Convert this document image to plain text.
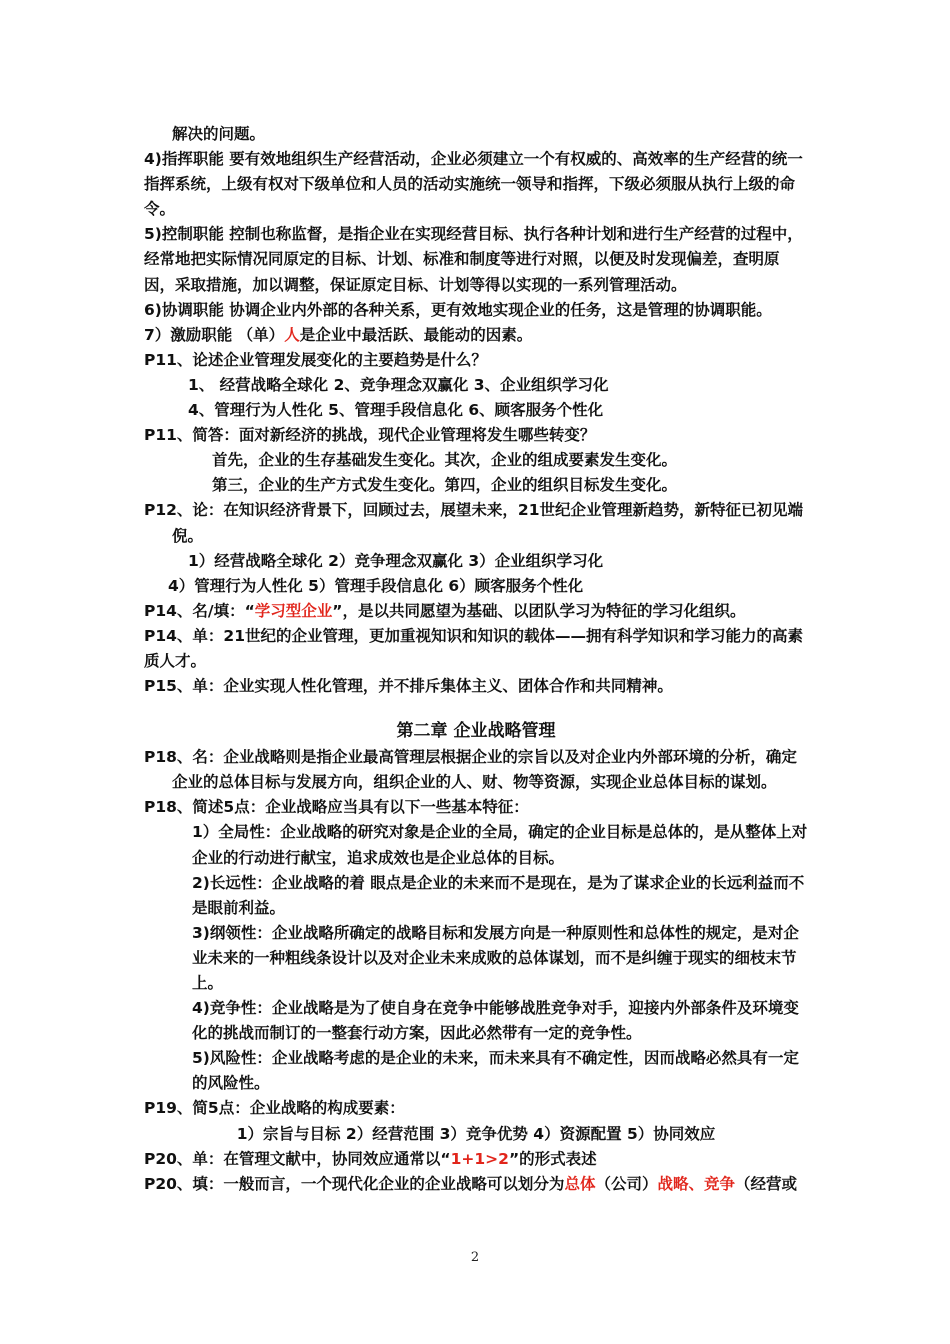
解决的问题。

4)指挥职能 要有效地组织生产经营活动，企业必须建立一个有权威的、高效率的生产经营的统一指挥系统，上级有权对下级单位和人员的活动实施统一领导和指挥，下级必须服从执行上级的命令。

5)控制职能 控制也称监督，是指企业在实现经营目标、执行各种计划和进行生产经营的过程中，经常地把实际情况同原定的目标、计划、标准和制度等进行对照，以便及时发现偏差，查明原因，采取措施，加以调整，保证原定目标、计划等得以实现的一系列管理活动。

6)协调职能 协调企业内外部的各种关系，更有效地实现企业的任务，这是管理的协调职能。

7）激励职能 （单）人是企业中最活跃、最能动的因素。

P11、论述企业管理发展变化的主要趋势是什么？

1、 经营战略全球化 2、竞争理念双赢化 3、企业组织学习化

4、管理行为人性化 5、管理手段信息化 6、顾客服务个性化

P11、简答：面对新经济的挑战，现代企业管理将发生哪些转变？

首先，企业的生存基础发生变化。其次，企业的组成要素发生变化。

第三，企业的生产方式发生变化。第四，企业的组织目标发生变化。

P12、论：在知识经济背景下，回顾过去，展望未来，21世纪企业管理新趋势，新特征已初见端倪。

1）经营战略全球化 2）竞争理念双赢化 3）企业组织学习化

4）管理行为人性化 5）管理手段信息化 6）顾客服务个性化

P14、名/填：“学习型企业”，是以共同愿望为基础、以团队学习为特征的学习化组织。

P14、单：21世纪的企业管理，更加重视知识和知识的载体——拥有科学知识和学习能力的高素质人才。

P15、单：企业实现人性化管理，并不排斥集体主义、团体合作和共同精神。

第二章 企业战略管理

P18、名：企业战略则是指企业最高管理层根据企业的宗旨以及对企业内外部环境的分析，确定企业的总体目标与发展方向，组织企业的人、财、物等资源，实现企业总体目标的谋划。

P18、简述5点：企业战略应当具有以下一些基本特征：

1）全局性：企业战略的研究对象是企业的全局，确定的企业目标是总体的，是从整体上对企业的行动进行献宝，追求成效也是企业总体的目标。

2)长远性：企业战略的着 眼点是企业的未来而不是现在，是为了谋求企业的长远利益而不是眼前利益。

3)纲领性：企业战略所确定的战略目标和发展方向是一种原则性和总体性的规定，是对企业未来的一种粗线条设计以及对企业未来成败的总体谋划，而不是纠缠于现实的细枝末节上。

4)竞争性：企业战略是为了使自身在竞争中能够战胜竞争对手，迎接内外部条件及环境变化的挑战而制订的一整套行动方案，因此必然带有一定的竞争性。

5)风险性：企业战略考虑的是企业的未来，而未来具有不确定性，因而战略必然具有一定的风险性。

P19、简5点：企业战略的构成要素：

1）宗旨与目标 2）经营范围 3）竞争优势 4）资源配置 5）协同效应

P20、单：在管理文献中，协同效应通常以“1+1>2”的形式表述

P20、填：一般而言，一个现代化企业的企业战略可以划分为总体（公司）战略、竞争（经营或

2
